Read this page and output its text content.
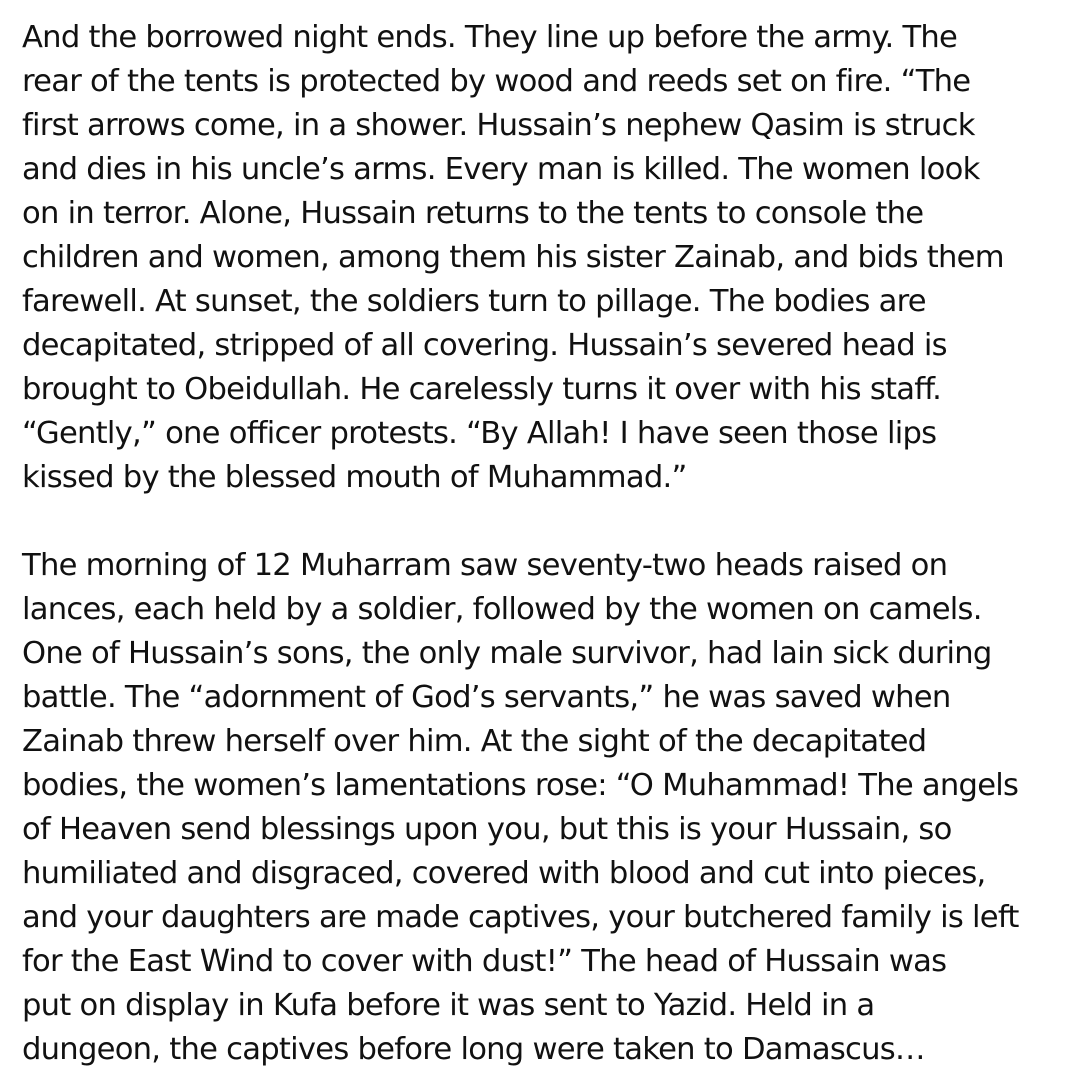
And the borrowed night ends. They line up before the army. The
rear of the tents is protected by wood and reeds set on fire. “The
first arrows come, in a shower. Hussain’s nephew Qasim is struck
and dies in his uncle’s arms. Every man is killed. The women look
on in terror. Alone, Hussain returns to the tents to console the
children and women, among them his sister Zainab, and bids them
farewell. At sunset, the soldiers turn to pillage. The bodies are
decapitated, stripped of all covering. Hussain’s severed head is
brought to Obeidullah. He carelessly turns it over with his staff.
“Gently,” one officer protests. “By Allah! I have seen those lips
kissed by the blessed mouth of Muhammad.”
The morning of 12 Muharram saw seventy-two heads raised on
lances, each held by a soldier, followed by the women on camels.
One of Hussain’s sons, the only male survivor, had lain sick during
battle. The “adornment of God’s servants,” he was saved when
Zainab threw herself over him. At the sight of the decapitated
bodies, the women’s lamentations rose: “O Muhammad! The angels
of Heaven send blessings upon you, but this is your Hussain, so
humiliated and disgraced, covered with blood and cut into pieces,
and your daughters are made captives, your butchered family is left
for the East Wind to cover with dust!” The head of Hussain was
put on display in Kufa before it was sent to Yazid. Held in a
dungeon, the captives before long were taken to Damascus…
